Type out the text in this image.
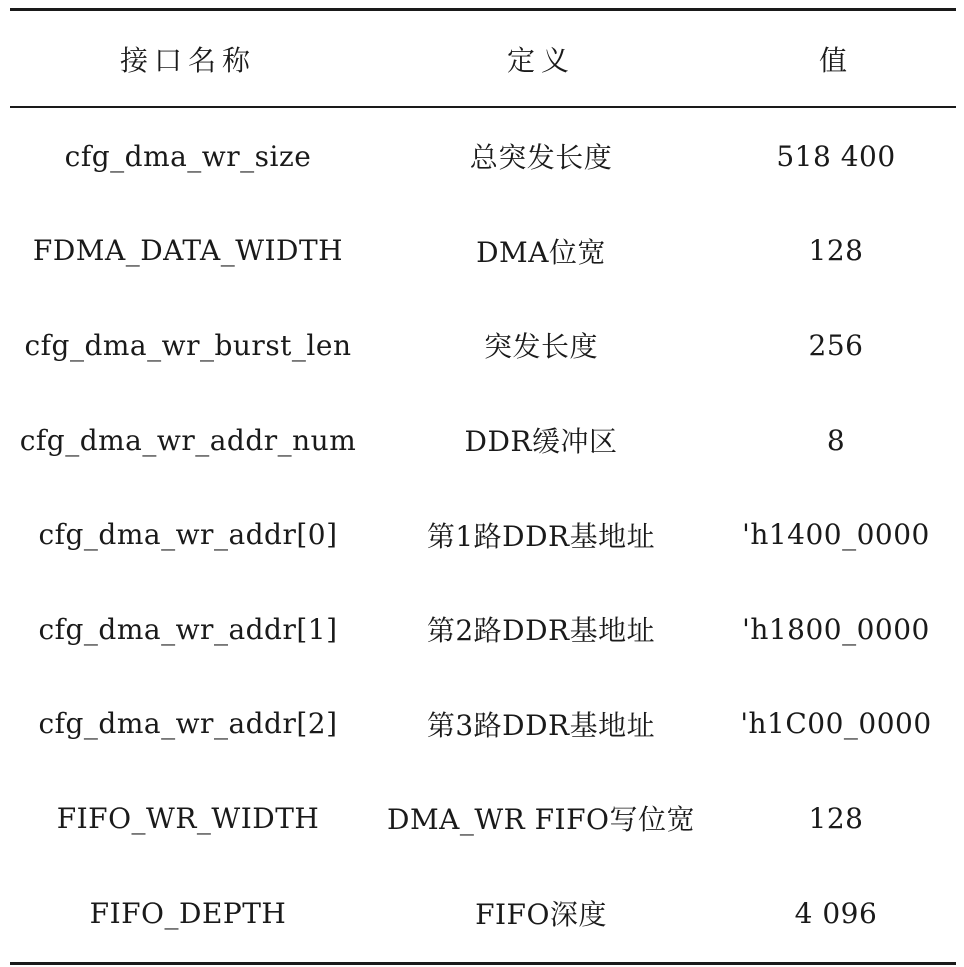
接口名称	定义	值
cfg_dma_wr_size	总突发长度	518 400
FDMA_DATA_WIDTH	DMA位宽	128
cfg_dma_wr_burst_len	突发长度	256
cfg_dma_wr_addr_num	DDR缓冲区	8
cfg_dma_wr_addr[0]	第1路DDR基地址	'h1400_0000
cfg_dma_wr_addr[1]	第2路DDR基地址	'h1800_0000
cfg_dma_wr_addr[2]	第3路DDR基地址	'h1C00_0000
FIFO_WR_WIDTH	DMA_WR FIFO写位宽	128
FIFO_DEPTH	FIFO深度	4 096
